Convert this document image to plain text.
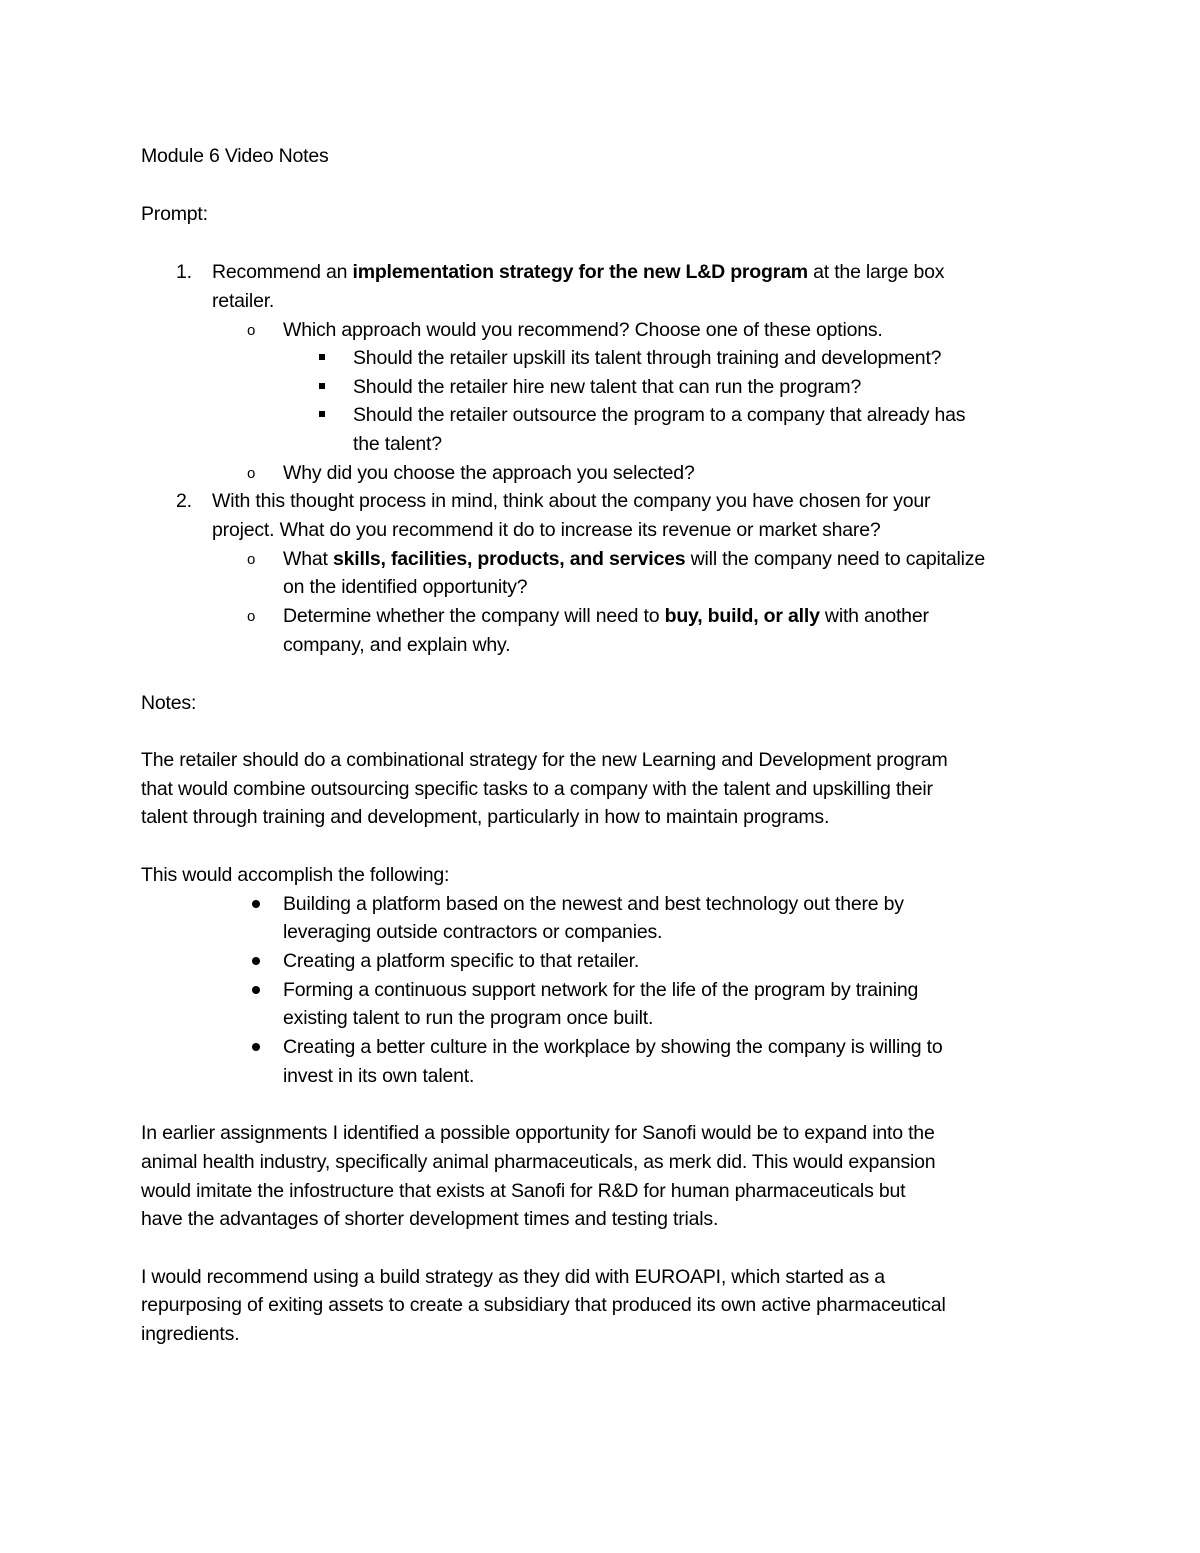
Module 6 Video Notes
Prompt:
1. Recommend an implementation strategy for the new L&D program at the large box
retailer.
o Which approach would you recommend? Choose one of these options.
Should the retailer upskill its talent through training and development?
Should the retailer hire new talent that can run the program?
Should the retailer outsource the program to a company that already has
the talent?
o Why did you choose the approach you selected?
2. With this thought process in mind, think about the company you have chosen for your
project. What do you recommend it do to increase its revenue or market share?
o What skills, facilities, products, and services will the company need to capitalize
on the identified opportunity?
o Determine whether the company will need to buy, build, or ally with another
company, and explain why.
Notes:
The retailer should do a combinational strategy for the new Learning and Development program
that would combine outsourcing specific tasks to a company with the talent and upskilling their
talent through training and development, particularly in how to maintain programs.
This would accomplish the following:
Building a platform based on the newest and best technology out there by
leveraging outside contractors or companies.
Creating a platform specific to that retailer.
Forming a continuous support network for the life of the program by training
existing talent to run the program once built.
Creating a better culture in the workplace by showing the company is willing to
invest in its own talent.
In earlier assignments I identified a possible opportunity for Sanofi would be to expand into the
animal health industry, specifically animal pharmaceuticals, as merk did. This would expansion
would imitate the infostructure that exists at Sanofi for R&D for human pharmaceuticals but
have the advantages of shorter development times and testing trials.
I would recommend using a build strategy as they did with EUROAPI, which started as a
repurposing of exiting assets to create a subsidiary that produced its own active pharmaceutical
ingredients.
